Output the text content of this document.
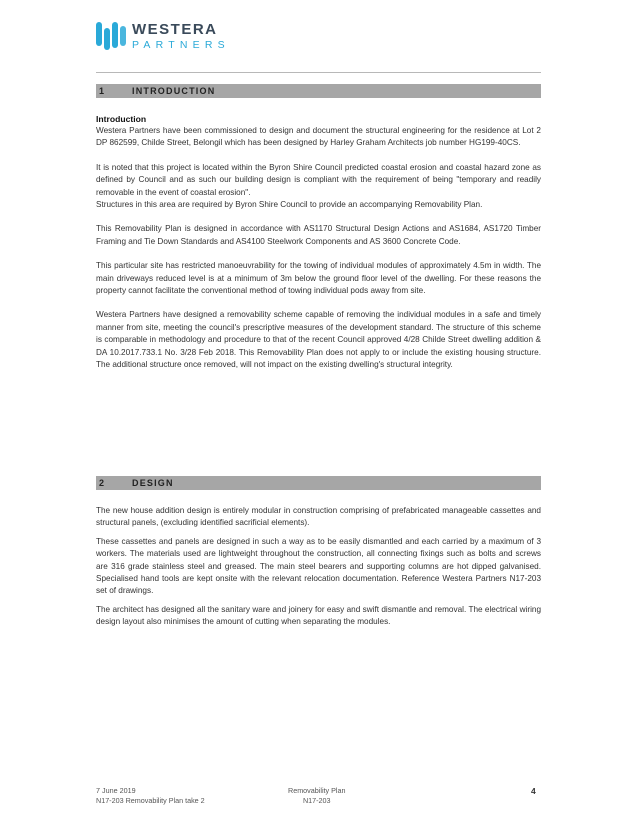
WESTERA
PARTNERS
1	INTRODUCTION
Introduction

Westera Partners have been commissioned to design and document the structural engineering for the residence at Lot 2 DP 862599, Childe Street, Belongil which has been designed by Harley Graham Architects job number HG199-40CS.

It is noted that this project is located within the Byron Shire Council predicted coastal erosion and coastal hazard zone as defined by Council and as such our building design is compliant with the requirement of being "temporary and readily removable in the event of coastal erosion".

Structures in this area are required by Byron Shire Council to provide an accompanying Removability Plan.

This Removability Plan is designed in accordance with AS1170 Structural Design Actions and AS1684, AS1720 Timber Framing and Tie Down Standards and AS4100 Steelwork Components and AS 3600 Concrete Code.

This particular site has restricted manoeuvrability for the towing of individual modules of approximately 4.5m in width. The main driveways reduced level is at a minimum of 3m below the ground floor level of the dwelling. For these reasons the property cannot facilitate the conventional method of towing individual pods away from site.

Westera Partners have designed a removability scheme capable of removing the individual modules in a safe and timely manner from site, meeting the council's prescriptive measures of the development standard. The structure of this scheme is comparable in methodology and procedure to that of the recent Council approved 4/28 Childe Street dwelling addition & DA 10.2017.733.1 No. 3/28 Feb 2018. This Removability Plan does not apply to or include the existing housing structure. The additional structure once removed, will not impact on the existing dwelling's structural integrity.

2	DESIGN

The new house addition design is entirely modular in construction comprising of prefabricated manageable cassettes and structural panels, (excluding identified sacrificial elements).

These cassettes and panels are designed in such a way as to be easily dismantled and each carried by a maximum of 3 workers. The materials used are lightweight throughout the construction, all connecting fixings such as bolts and screws are 316 grade stainless steel and greased. The main steel bearers and supporting columns are hot dipped galvanised. Specialised hand tools are kept onsite with the relevant relocation documentation. Reference Westera Partners N17-203 set of drawings.

The architect has designed all the sanitary ware and joinery for easy and swift dismantle and removal. The electrical wiring design layout also minimises the amount of cutting when separating the modules.

7 June 2019
N17-203 Removability Plan take 2
Removability Plan
N17-203
4
